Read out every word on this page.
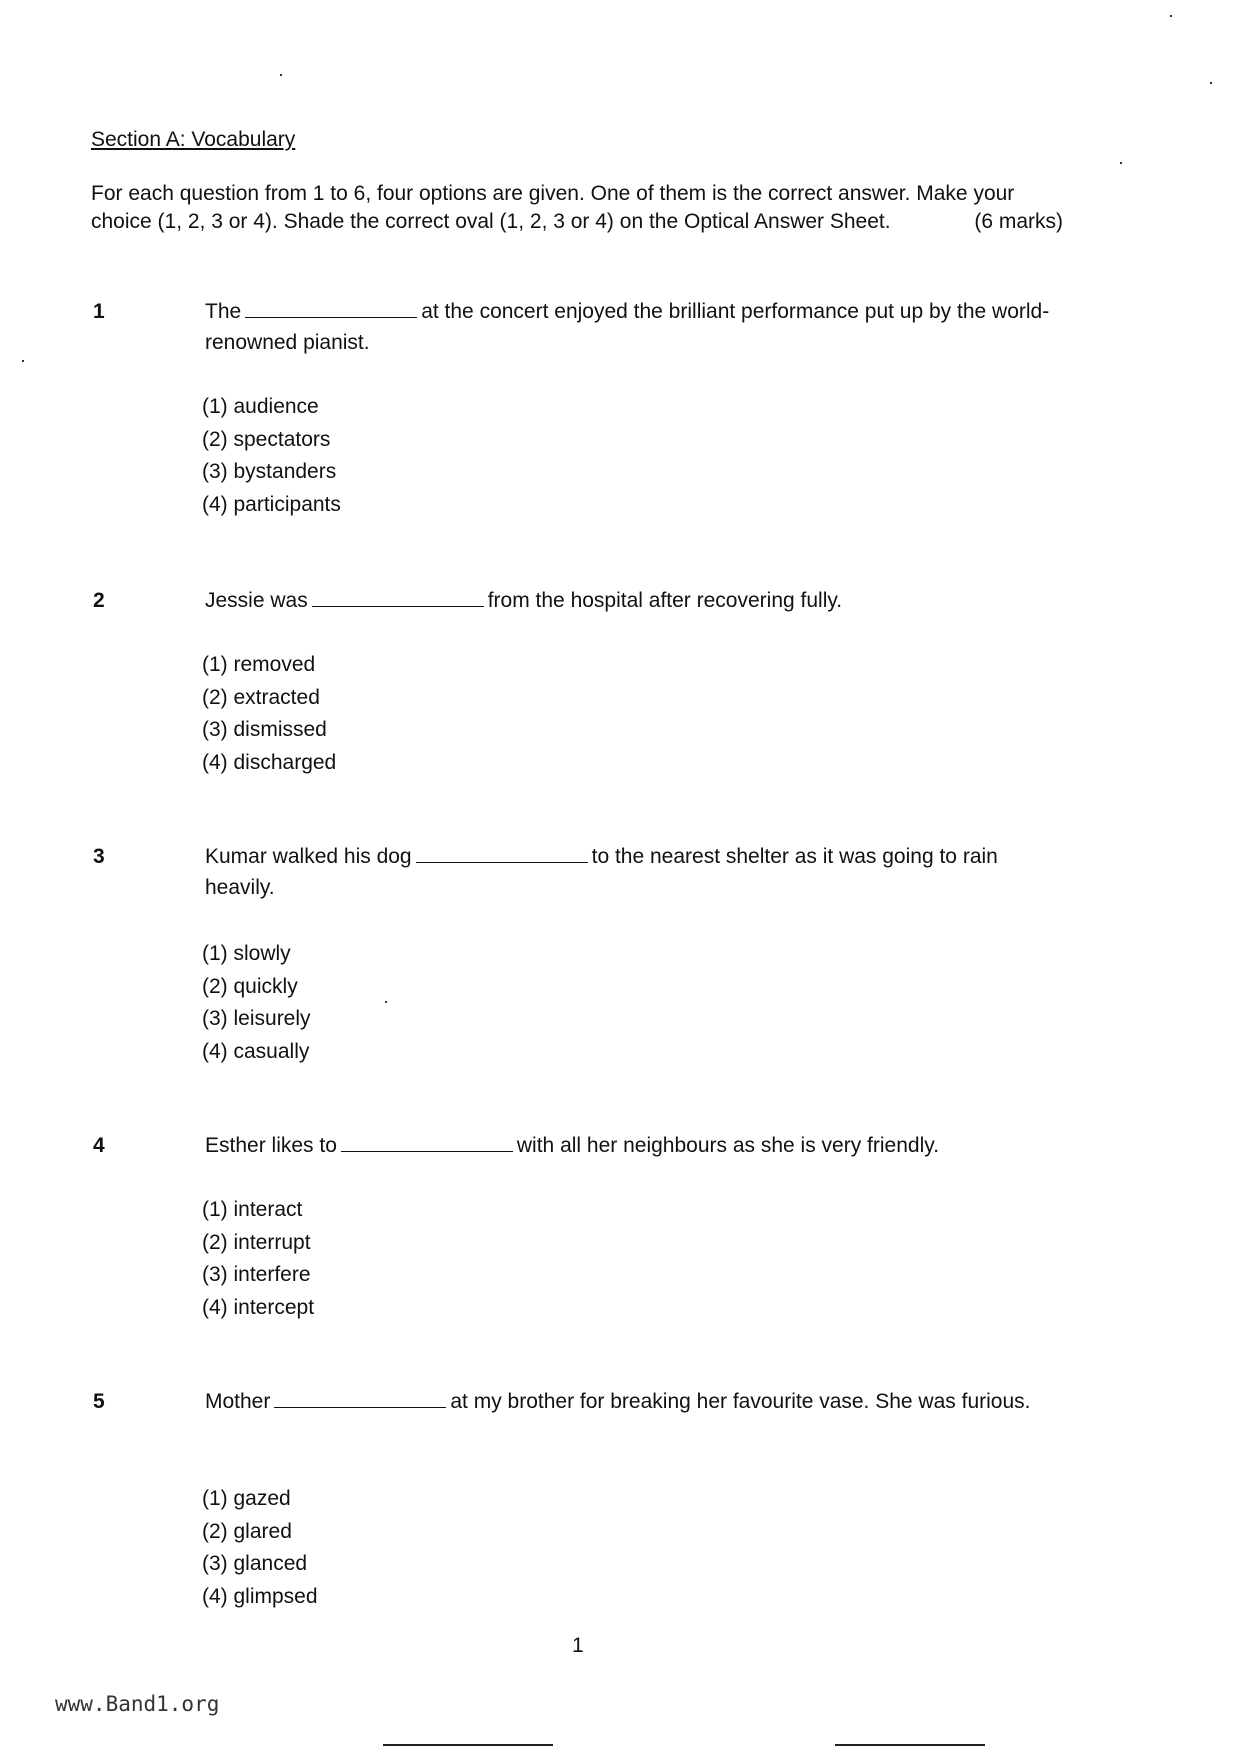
Section A: Vocabulary
For each question from 1 to 6, four options are given. One of them is the correct answer. Make your choice (1, 2, 3 or 4). Shade the correct oval (1, 2, 3 or 4) on the Optical Answer Sheet.	(6 marks)
1	The	at the concert enjoyed the brilliant performance put up by the world-renowned pianist.
(1) audience
(2) spectators
(3) bystanders
(4) participants
2	Jessie was	from the hospital after recovering fully.
(1) removed
(2) extracted
(3) dismissed
(4) discharged
3	Kumar walked his dog	to the nearest shelter as it was going to rain heavily.
(1) slowly
(2) quickly
(3) leisurely
(4) casually
4	Esther likes to	with all her neighbours as she is very friendly.
(1) interact
(2) interrupt
(3) interfere
(4) intercept
5	Mother	at my brother for breaking her favourite vase. She was furious.
(1) gazed
(2) glared
(3) glanced
(4) glimpsed
1
www.Band1.org
